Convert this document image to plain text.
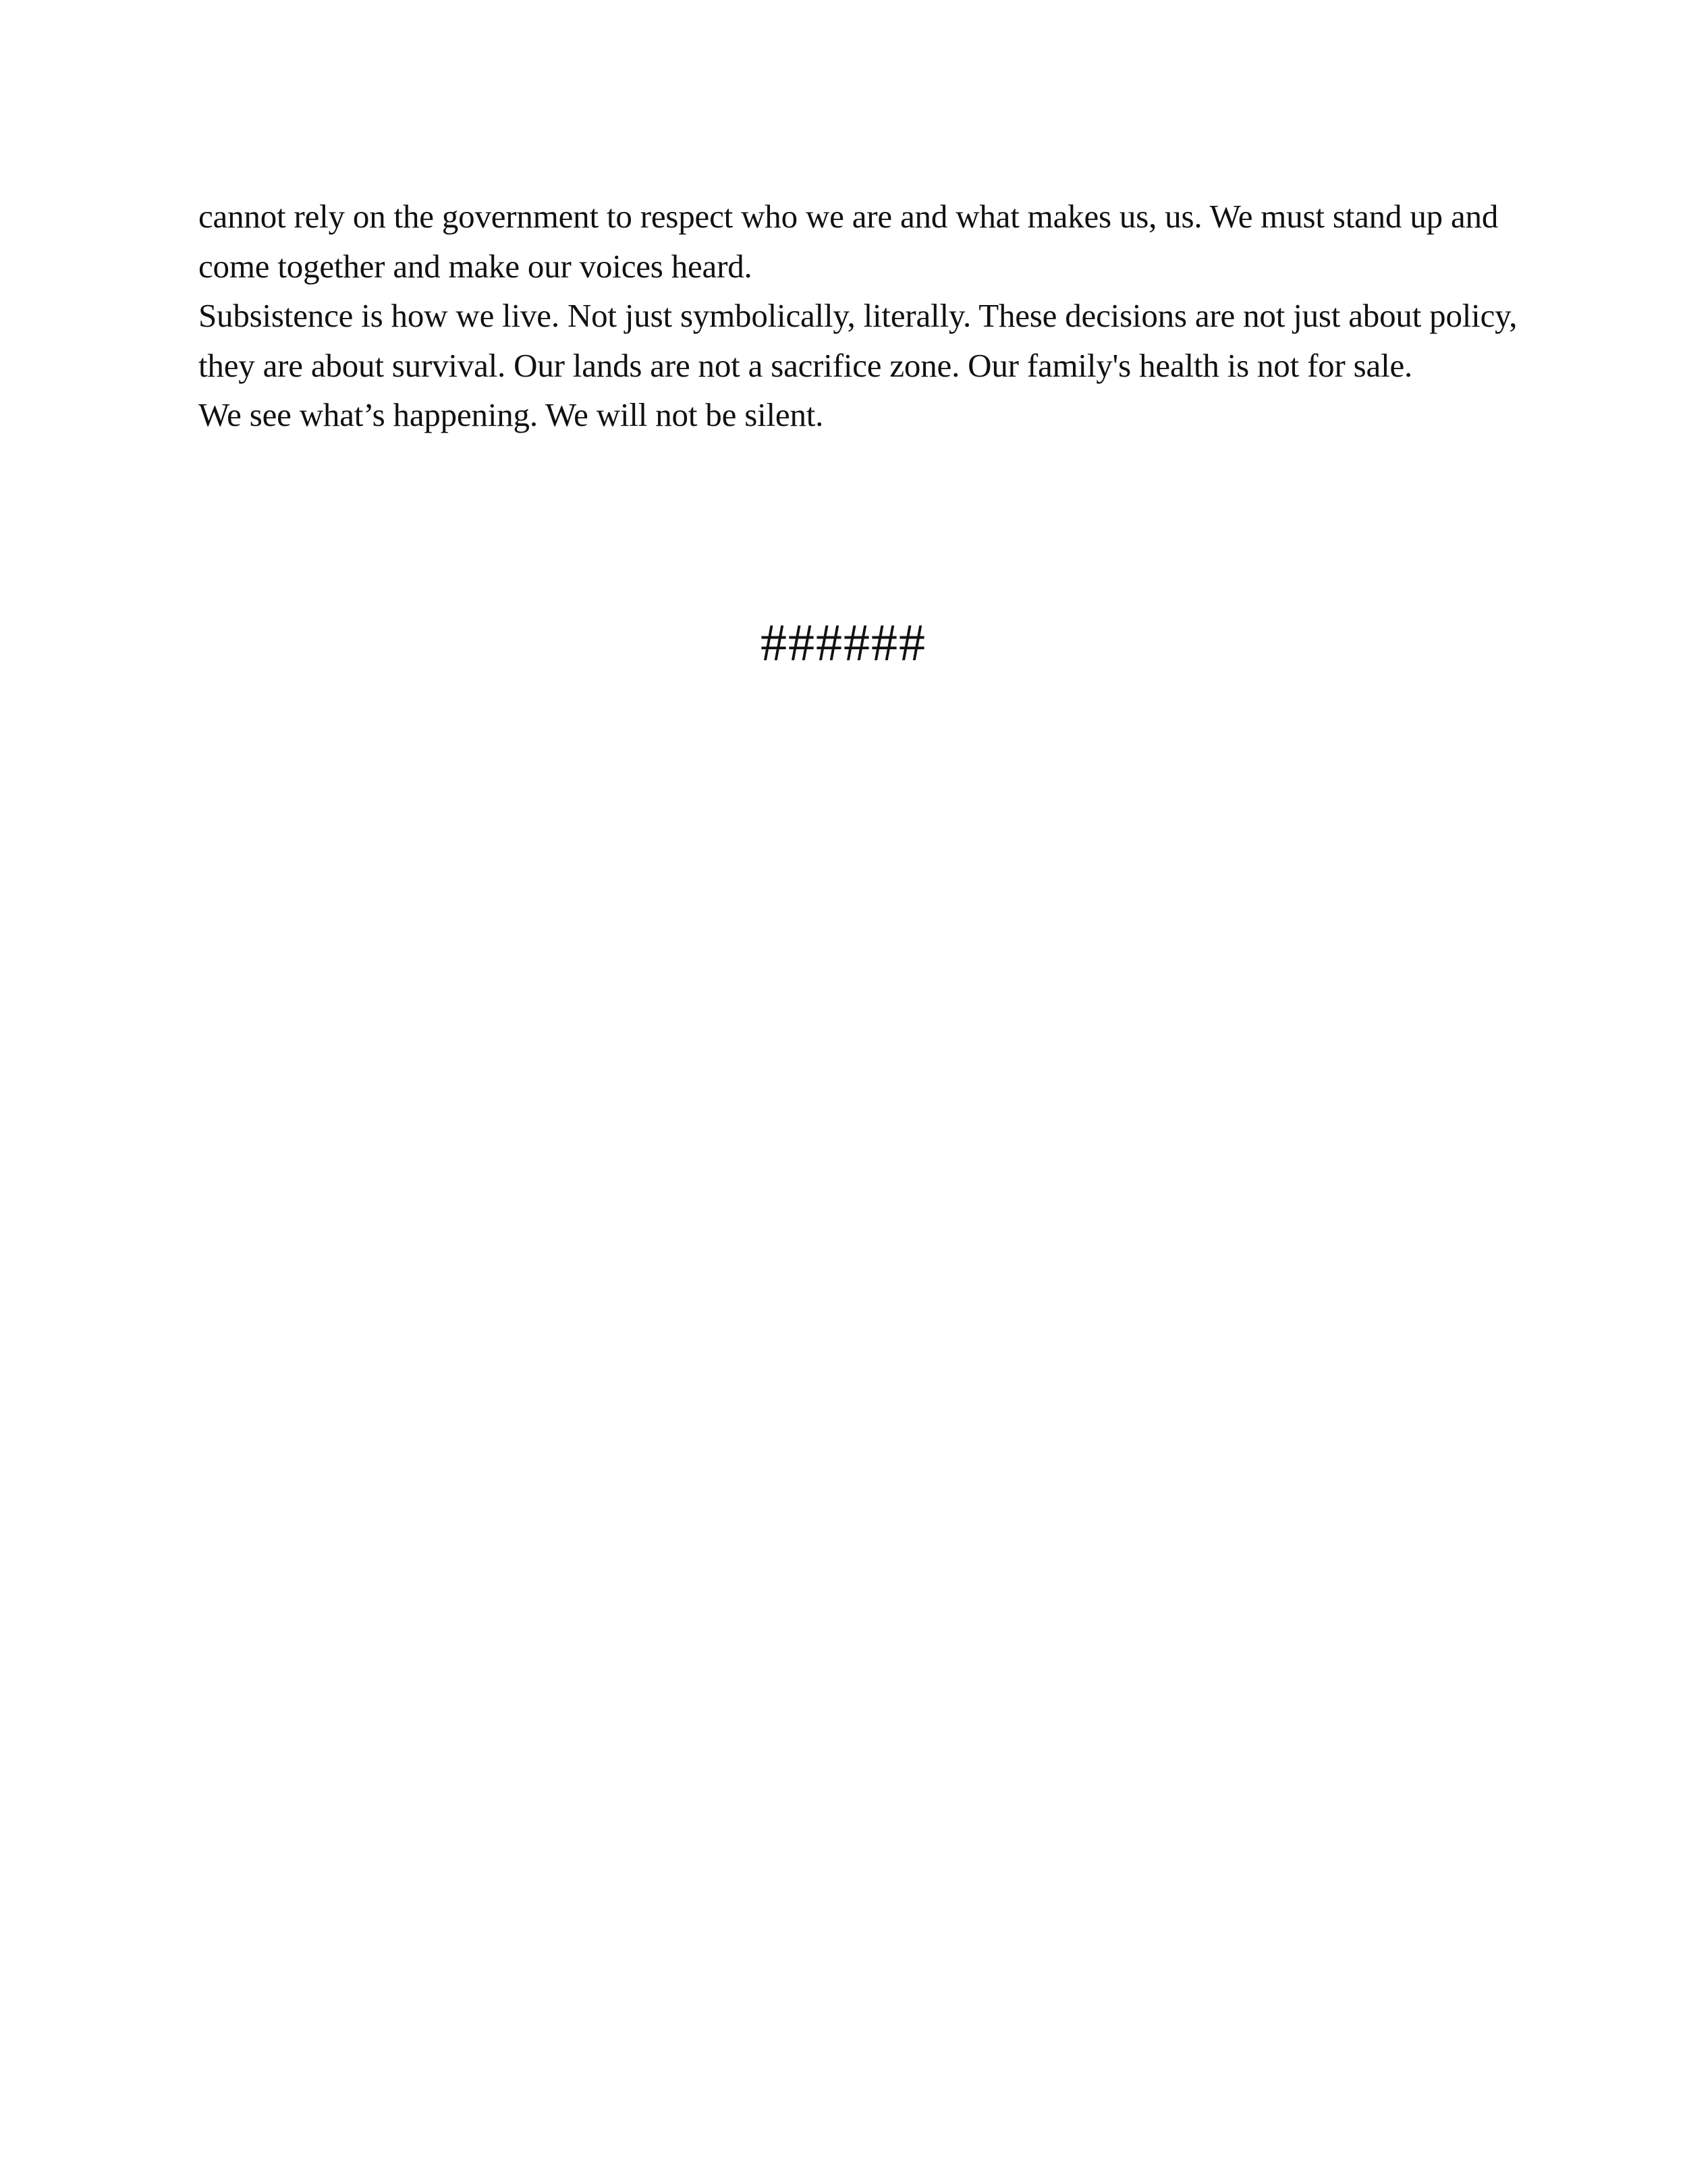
cannot rely on the government to respect who we are and what makes us, us. We must stand up and
come together and make our voices heard.
Subsistence is how we live. Not just symbolically, literally. These decisions are not just about policy,
they are about survival. Our lands are not a sacrifice zone. Our family's health is not for sale.
We see what’s happening. We will not be silent.
######
